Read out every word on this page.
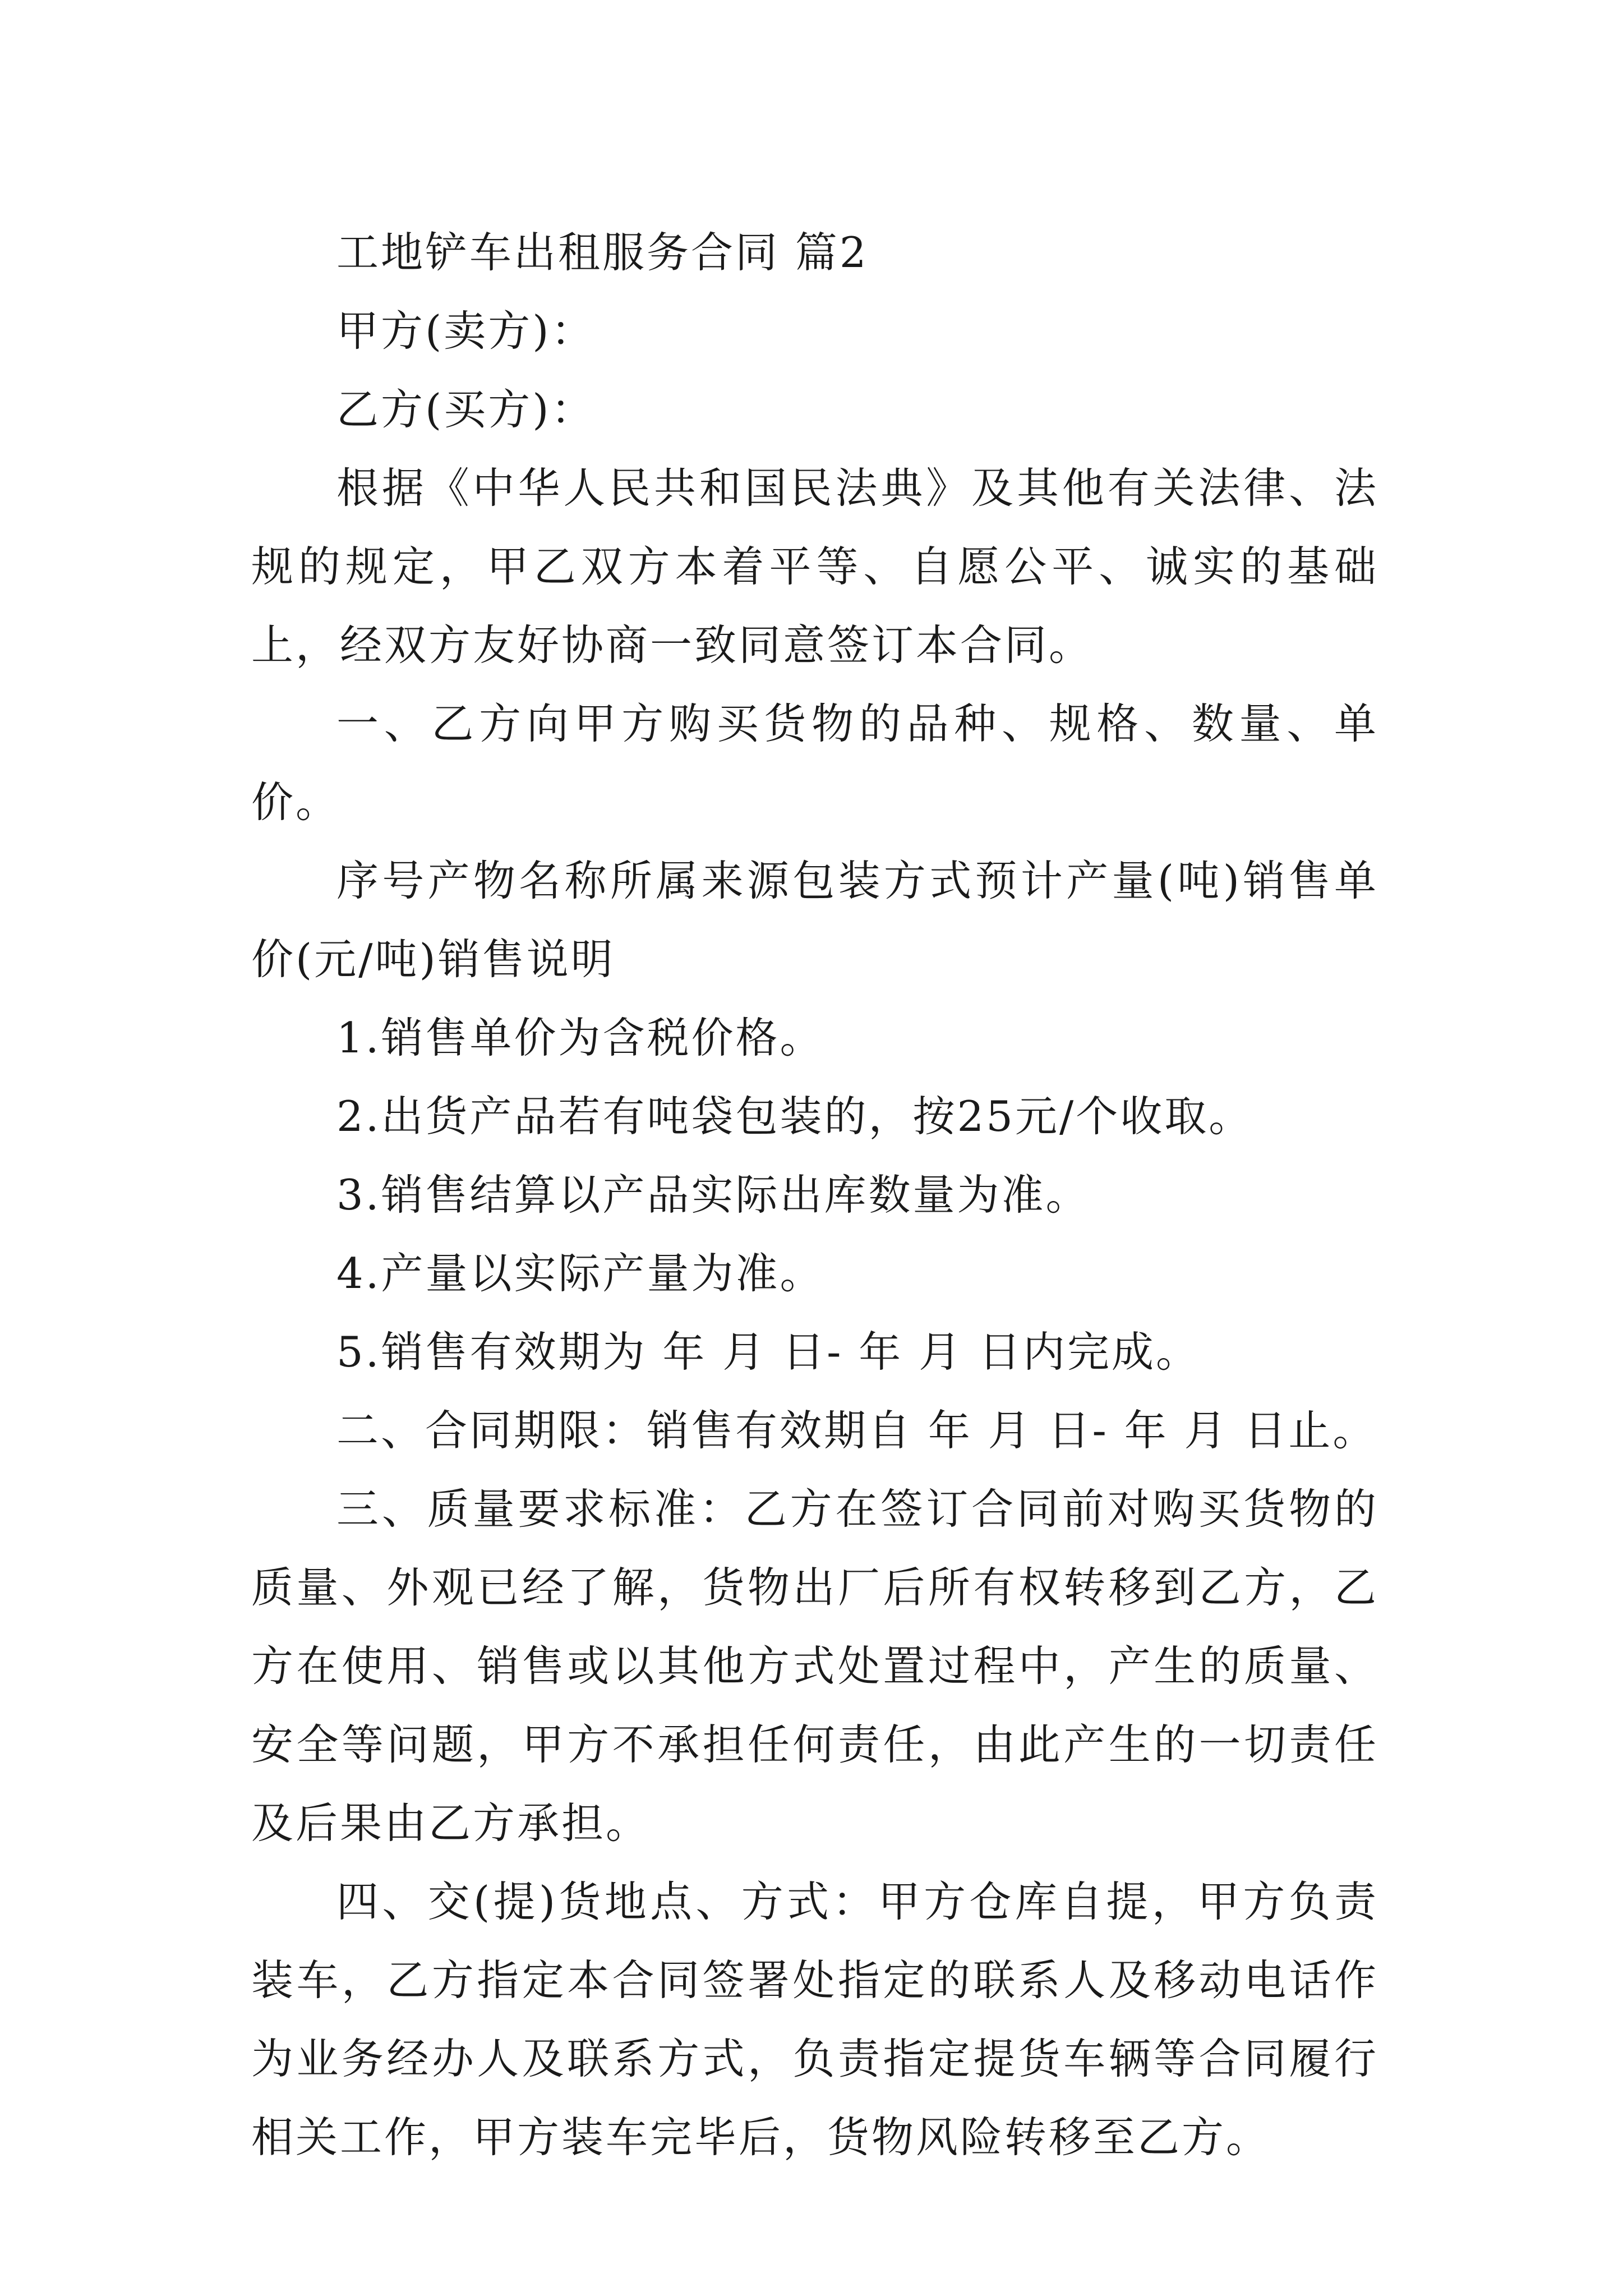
工地铲车出租服务合同 篇2

甲方(卖方)：

乙方(买方)：

根据《中华人民共和国民法典》及其他有关法律、法规的规定，甲乙双方本着平等、自愿公平、诚实的基础上，经双方友好协商一致同意签订本合同。

一、乙方向甲方购买货物的品种、规格、数量、单价。

序号产物名称所属来源包装方式预计产量(吨)销售单价(元/吨)销售说明

1.销售单价为含税价格。

2.出货产品若有吨袋包装的，按25元/个收取。

3.销售结算以产品实际出库数量为准。

4.产量以实际产量为准。

5.销售有效期为 年 月 日- 年 月 日内完成。

二、合同期限：销售有效期自 年 月 日- 年 月 日止。

三、质量要求标准：乙方在签订合同前对购买货物的质量、外观已经了解，货物出厂后所有权转移到乙方，乙方在使用、销售或以其他方式处置过程中，产生的质量、安全等问题，甲方不承担任何责任，由此产生的一切责任及后果由乙方承担。

四、交(提)货地点、方式：甲方仓库自提，甲方负责装车，乙方指定本合同签署处指定的联系人及移动电话作为业务经办人及联系方式，负责指定提货车辆等合同履行相关工作，甲方装车完毕后，货物风险转移至乙方。
